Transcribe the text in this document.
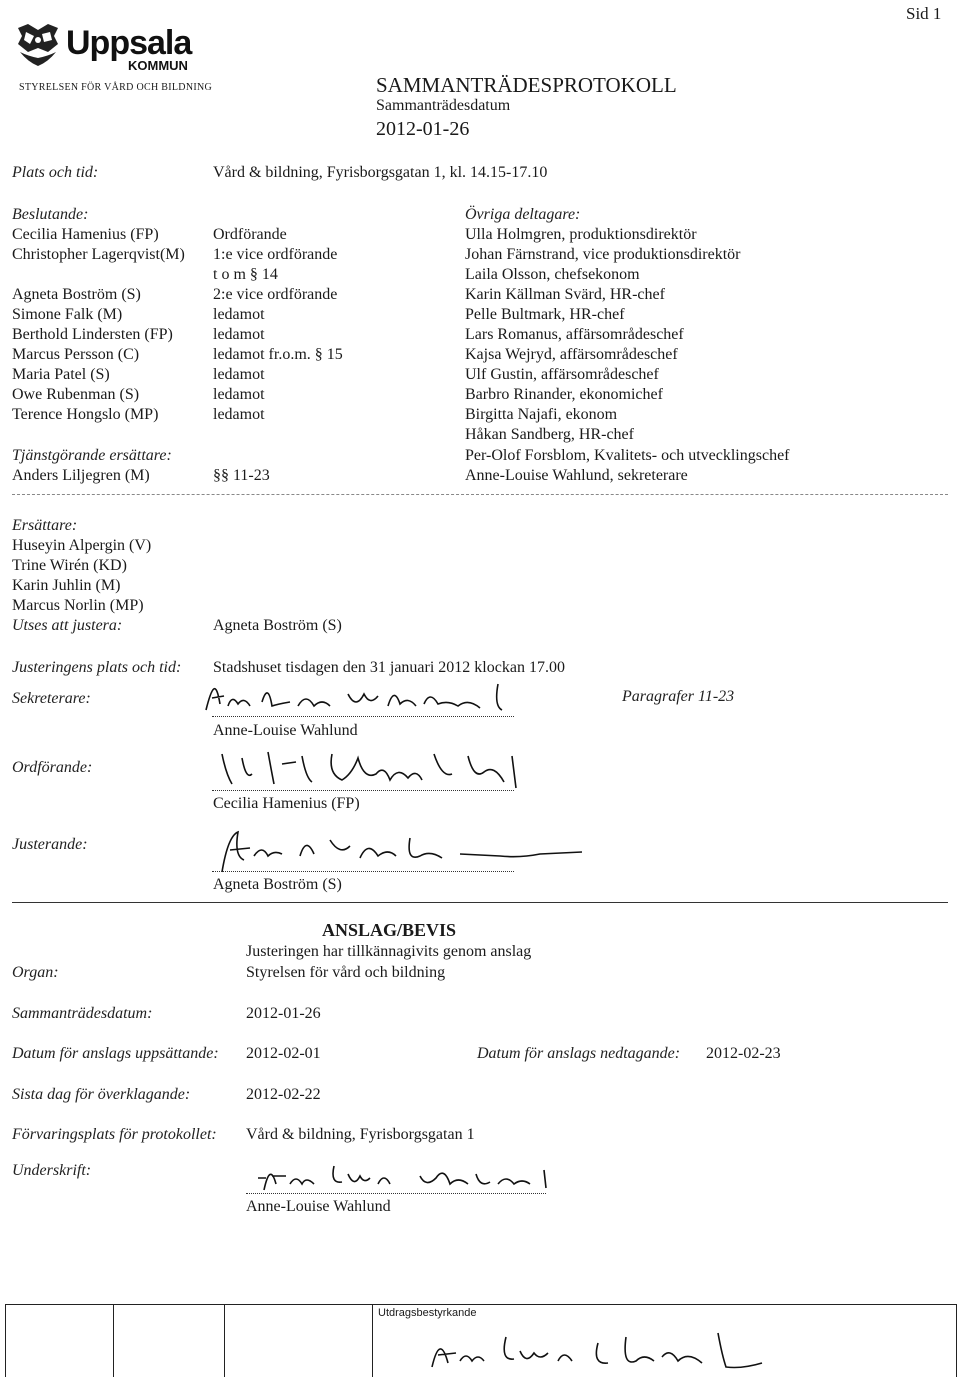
Sid 1
Uppsala
KOMMUN
STYRELSEN FÖR VÅRD OCH BILDNING	SAMMANTRÄDESPROTOKOLL
Sammanträdesdatum
2012-01-26
Plats och tid:	Vård & bildning, Fyrisborgsgatan 1, kl. 14.15-17.10
Beslutande:
Cecilia Hamenius (FP)	Ordförande
Christopher Lagerqvist(M) 1:e vice ordförande
t o m § 14
Agneta Boström (S)	2:e vice ordförande
Simone Falk (M)	ledamot
Berthold Lindersten (FP)	ledamot
Marcus Persson (C)	ledamot fr.o.m. § 15
Maria Patel (S)	ledamot
Owe Rubenman (S)	ledamot
Terence Hongslo (MP)	ledamot
Tjänstgörande ersättare:
Anders Liljegren (M)	§§ 11-23
Övriga deltagare:
Ulla Holmgren, produktionsdirektör
Johan Färnstrand, vice produktionsdirektör
Laila Olsson, chefsekonom
Karin Källman Svärd, HR-chef
Pelle Bultmark, HR-chef
Lars Romanus, affärsområdeschef
Kajsa Wejryd, affärsområdeschef
Ulf Gustin, affärsområdeschef
Barbro Rinander, ekonomichef
Birgitta Najafi, ekonom
Håkan Sandberg, HR-chef
Per-Olof Forsblom, Kvalitets- och utvecklingschef
Anne-Louise Wahlund, sekreterare
Ersättare:
Huseyin Alpergin (V)
Trine Wirén (KD)
Karin Juhlin (M)
Marcus Norlin (MP)
Utses att justera:	Agneta Boström (S)
Justeringens plats och tid: Stadshuset tisdagen den 31 januari 2012 klockan 17.00
Sekreterare:
Anne-Louise Wahlund
Paragrafer 11-23
Ordförande:
Cecilia Hamenius (FP)
Justerande:
Agneta Boström (S)
ANSLAG/BEVIS
Justeringen har tillkännagivits genom anslag
Organ:	Styrelsen för vård och bildning
Sammanträdesdatum:	2012-01-26
Datum för anslags uppsättande: 2012-02-01	Datum för anslags nedtagande: 2012-02-23
Sista dag för överklagande:	2012-02-22
Förvaringsplats för protokollet: Vård & bildning, Fyrisborgsgatan 1
Underskrift:
Anne-Louise Wahlund
Utdragsbestyrkande
